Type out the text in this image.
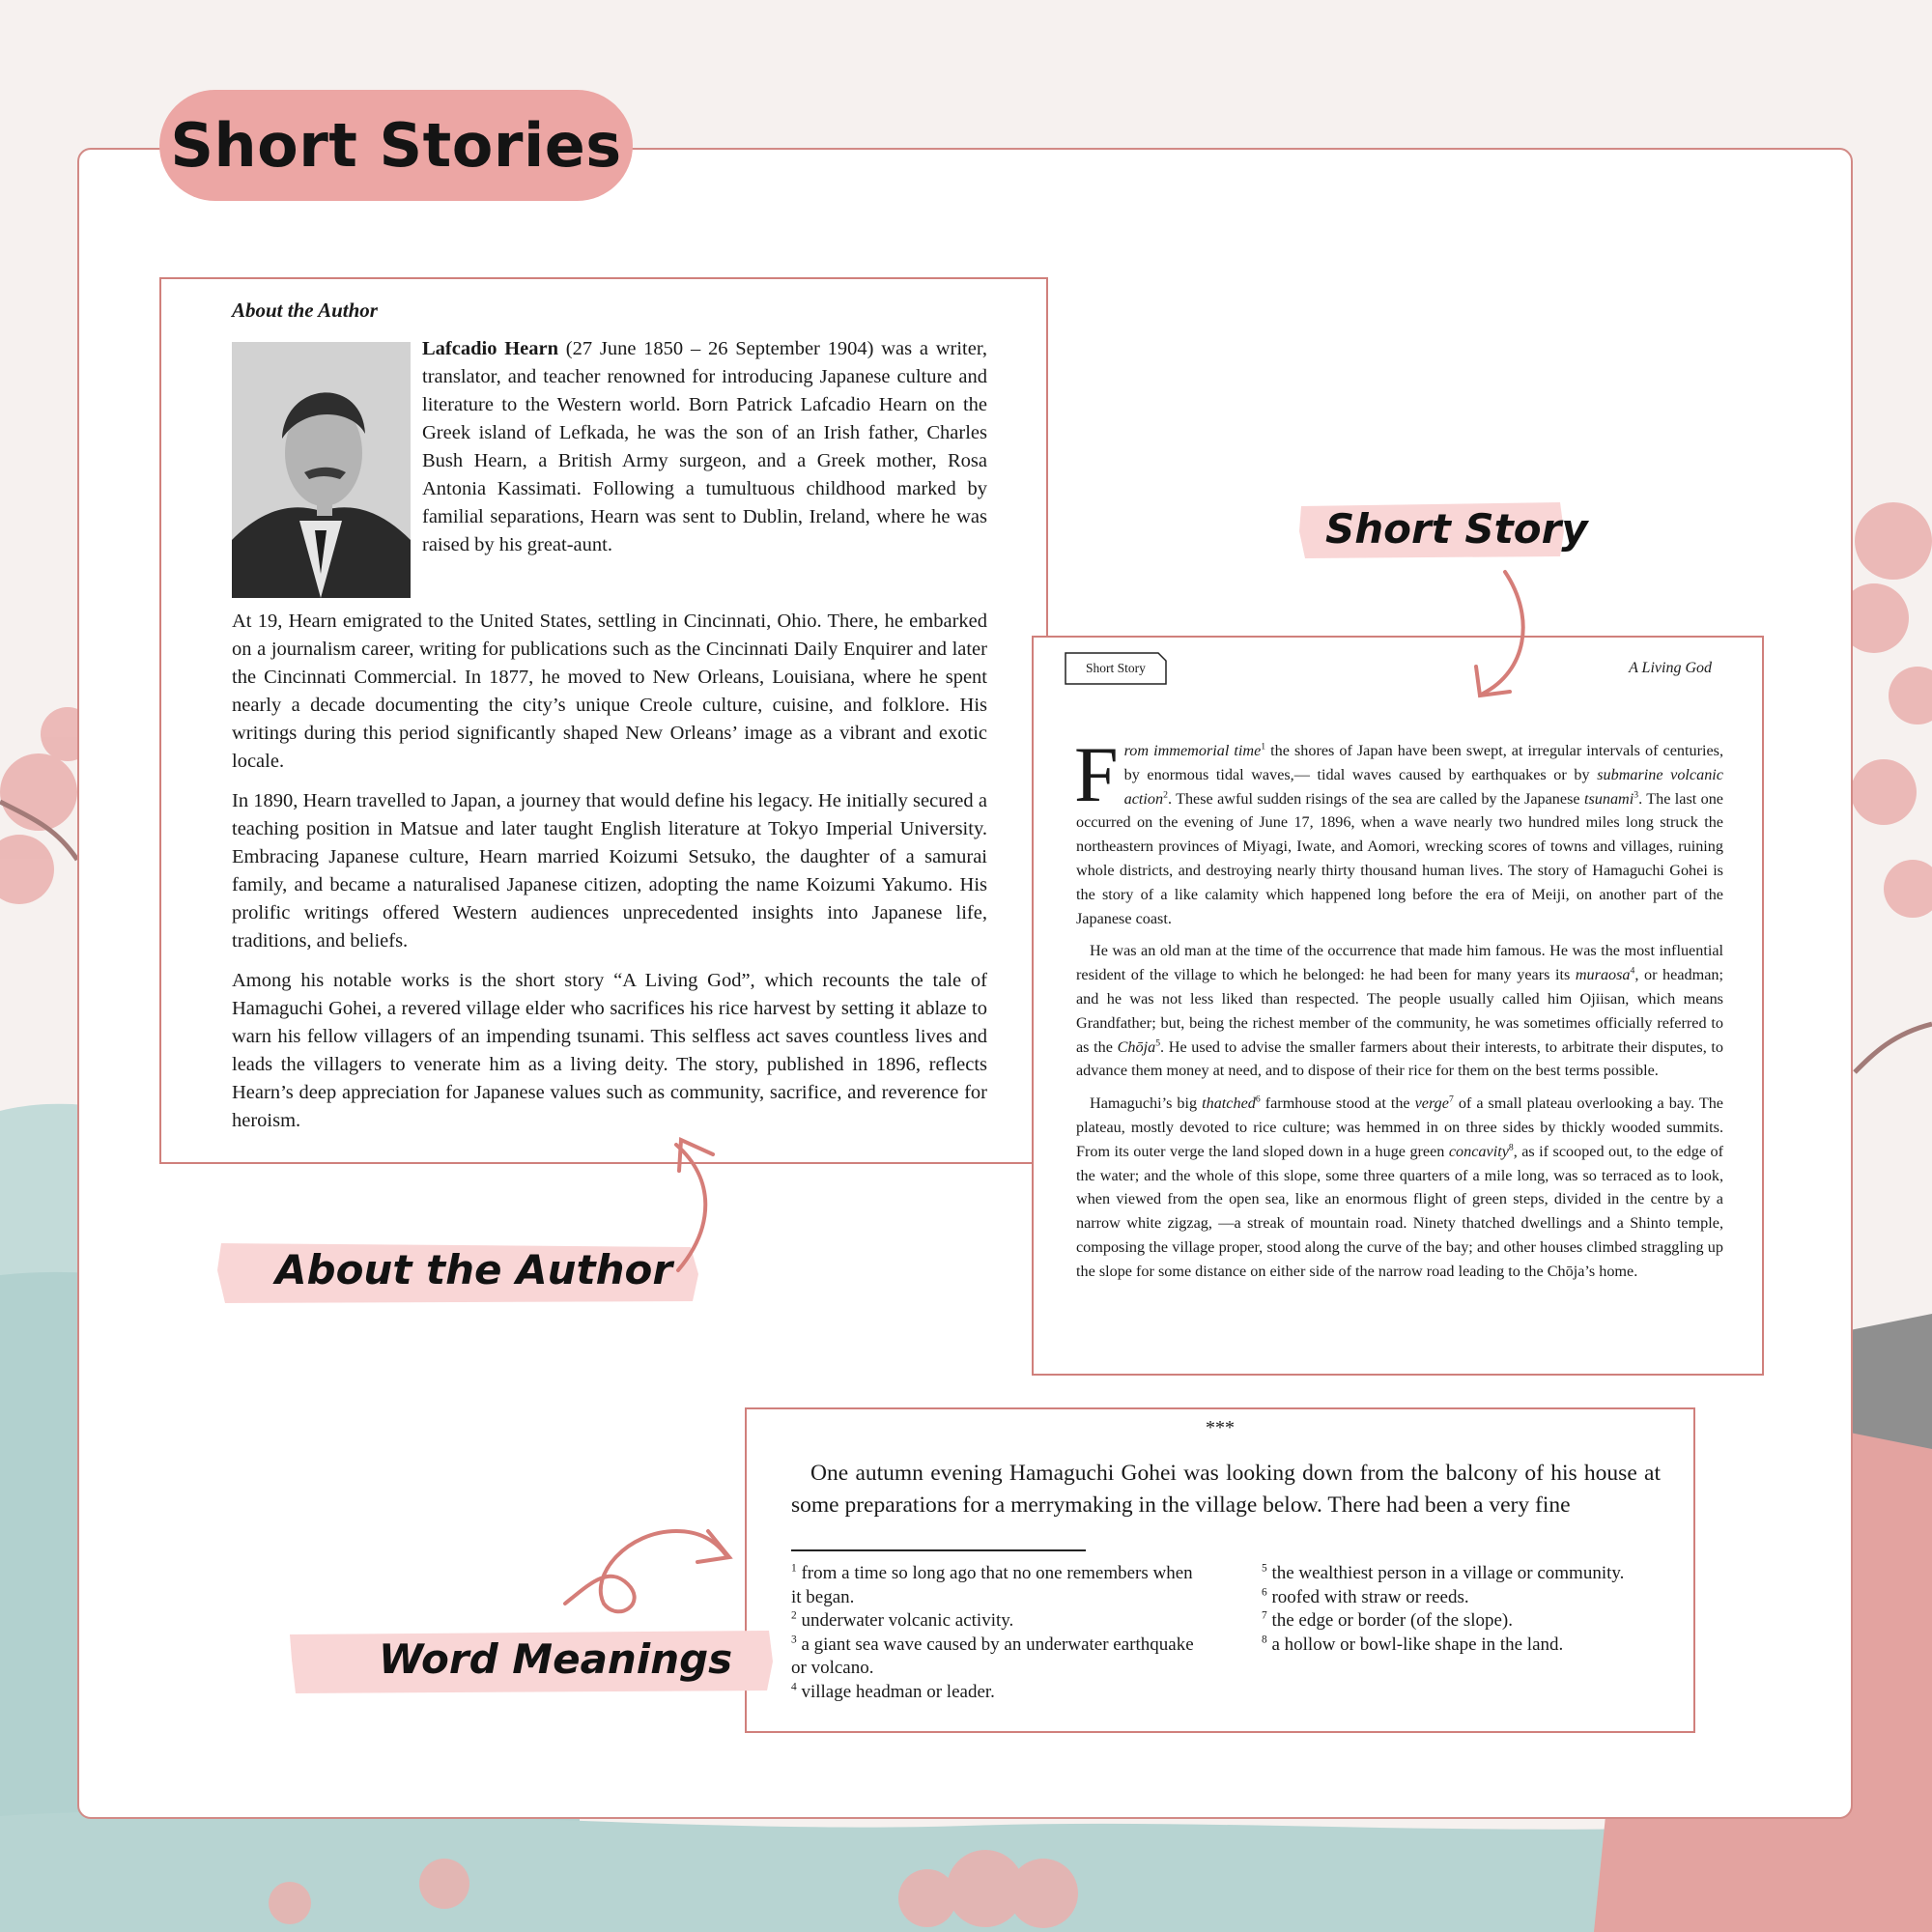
Short Stories
About the Author

Lafcadio Hearn (27 June 1850 – 26 September 1904) was a writer, translator, and teacher renowned for introducing Japanese culture and literature to the Western world. Born Patrick Lafcadio Hearn on the Greek island of Lefkada, he was the son of an Irish father, Charles Bush Hearn, a British Army surgeon, and a Greek mother, Rosa Antonia Kassimati. Following a tumultuous childhood marked by familial separations, Hearn was sent to Dublin, Ireland, where he was raised by his great-aunt.

At 19, Hearn emigrated to the United States, settling in Cincinnati, Ohio. There, he embarked on a journalism career, writing for publications such as the Cincinnati Daily Enquirer and later the Cincinnati Commercial. In 1877, he moved to New Orleans, Louisiana, where he spent nearly a decade documenting the city’s unique Creole culture, cuisine, and folklore. His writings during this period significantly shaped New Orleans’ image as a vibrant and exotic locale.

In 1890, Hearn travelled to Japan, a journey that would define his legacy. He initially secured a teaching position in Matsue and later taught English literature at Tokyo Imperial University. Embracing Japanese culture, Hearn married Koizumi Setsuko, the daughter of a samurai family, and became a naturalised Japanese citizen, adopting the name Koizumi Yakumo. His prolific writings offered Western audiences unprecedented insights into Japanese life, traditions, and beliefs.

Among his notable works is the short story “A Living God”, which recounts the tale of Hamaguchi Gohei, a revered village elder who sacrifices his rice harvest by setting it ablaze to warn his fellow villagers of an impending tsunami. This selfless act saves countless lives and leads the villagers to venerate him as a living deity. The story, published in 1896, reflects Hearn’s deep appreciation for Japanese values such as community, sacrifice, and reverence for heroism.

Short Story	A Living God

From immemorial time$^1$ the shores of Japan have been swept, at irregular intervals of centuries, by enormous tidal waves,— tidal waves caused by earthquakes or by submarine volcanic action$^2$. These awful sudden risings of the sea are called by the Japanese tsunami$^3$. The last one occurred on the evening of June 17, 1896, when a wave nearly two hundred miles long struck the northeastern provinces of Miyagi, Iwate, and Aomori, wrecking scores of towns and villages, ruining whole districts, and destroying nearly thirty thousand human lives. The story of Hamaguchi Gohei is the story of a like calamity which happened long before the era of Meiji, on another part of the Japanese coast.

He was an old man at the time of the occurrence that made him famous. He was the most influential resident of the village to which he belonged: he had been for many years its muraosa$^4$, or headman; and he was not less liked than respected. The people usually called him Ojiisan, which means Grandfather; but, being the richest member of the community, he was sometimes officially referred to as the Chōja$^5$. He used to advise the smaller farmers about their interests, to arbitrate their disputes, to advance them money at need, and to dispose of their rice for them on the best terms possible.

Hamaguchi’s big thatched$^6$ farmhouse stood at the verge$^7$ of a small plateau overlooking a bay. The plateau, mostly devoted to rice culture; was hemmed in on three sides by thickly wooded summits. From its outer verge the land sloped down in a huge green concavity$^8$, as if scooped out, to the edge of the water; and the whole of this slope, some three quarters of a mile long, was so terraced as to look, when viewed from the open sea, like an enormous flight of green steps, divided in the centre by a narrow white zigzag, —a streak of mountain road. Ninety thatched dwellings and a Shinto temple, composing the village proper, stood along the curve of the bay; and other houses climbed straggling up the slope for some distance on either side of the narrow road leading to the Chōja’s home.

***

One autumn evening Hamaguchi Gohei was looking down from the balcony of his house at some preparations for a merrymaking in the village below. There had been a very fine

$^1$ from a time so long ago that no one remembers when it began.
$^2$ underwater volcanic activity.
$^3$ a giant sea wave caused by an underwater earthquake or volcano.
$^4$ village headman or leader.
$^5$ the wealthiest person in a village or community.
$^6$ roofed with straw or reeds.
$^7$ the edge or border (of the slope).
$^8$ a hollow or bowl-like shape in the land.
Short Story
About the Author
Word Meanings
